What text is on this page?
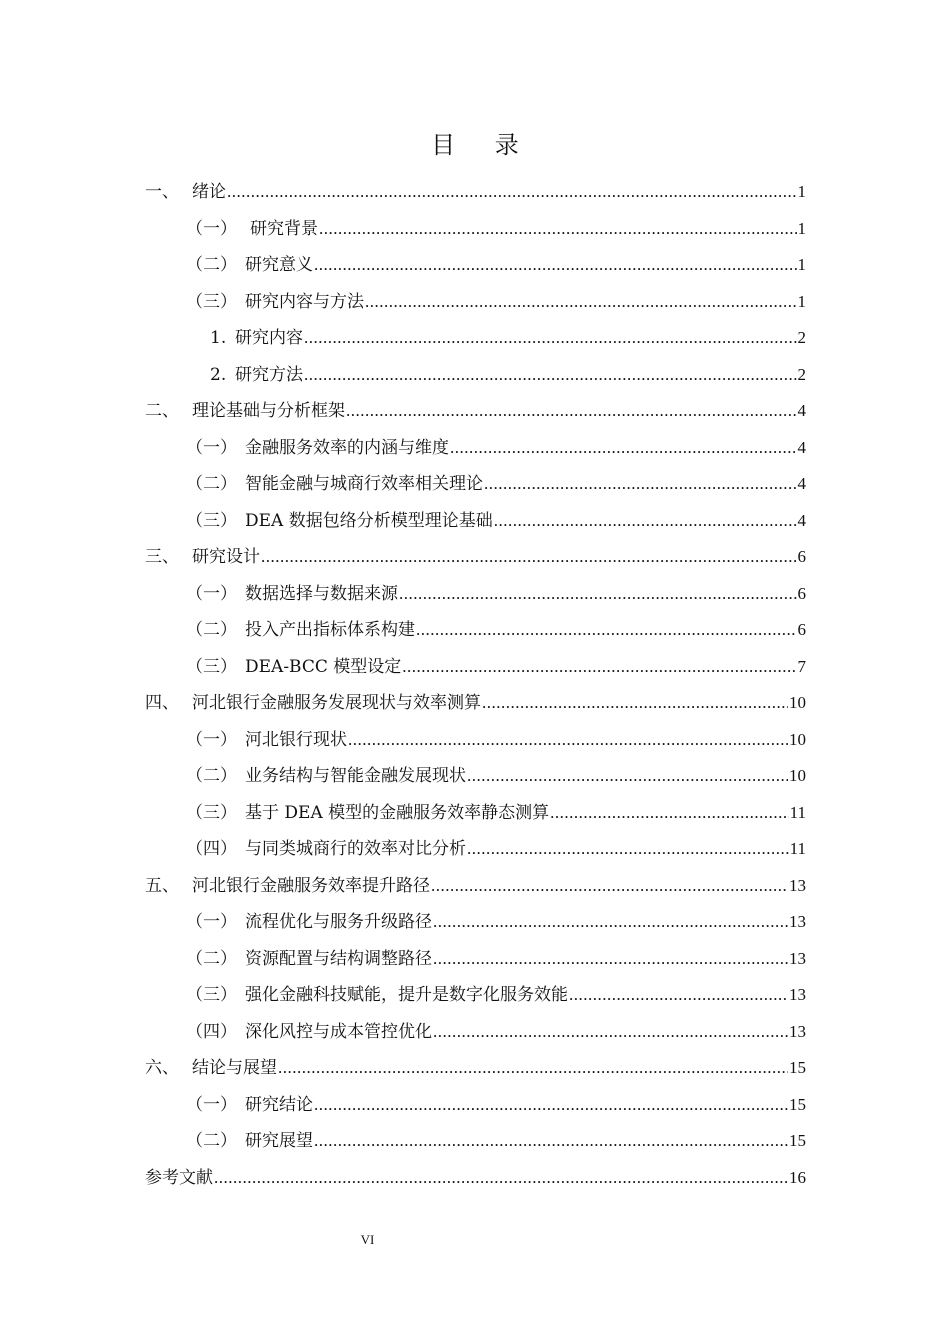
目 录
一、 绪论 .....	1
（一） 研究背景 .....	1
（二） 研究意义 .....	1
（三） 研究内容与方法 .....	1
1. 研究内容 .....	2
2. 研究方法 .....	2
二、 理论基础与分析框架 .....	4
（一） 金融服务效率的内涵与维度 .....	4
（二） 智能金融与城商行效率相关理论 .....	4
（三） DEA 数据包络分析模型理论基础 .....	4
三、 研究设计 .....	6
（一） 数据选择与数据来源 .....	6
（二） 投入产出指标体系构建 .....	6
（三） DEA-BCC 模型设定 .....	7
四、 河北银行金融服务发展现状与效率测算 .....	10
（一） 河北银行现状 .....	10
（二） 业务结构与智能金融发展现状 .....	10
（三） 基于 DEA 模型的金融服务效率静态测算 .....	11
（四） 与同类城商行的效率对比分析 .....	11
五、 河北银行金融服务效率提升路径 .....	13
（一） 流程优化与服务升级路径 .....	13
（二） 资源配置与结构调整路径 .....	13
（三） 强化金融科技赋能，提升是数字化服务效能 .....	13
（四） 深化风控与成本管控优化 .....	13
六、 结论与展望 .....	15
（一） 研究结论 .....	15
（二） 研究展望 .....	15
参考文献 .....	16
VI
